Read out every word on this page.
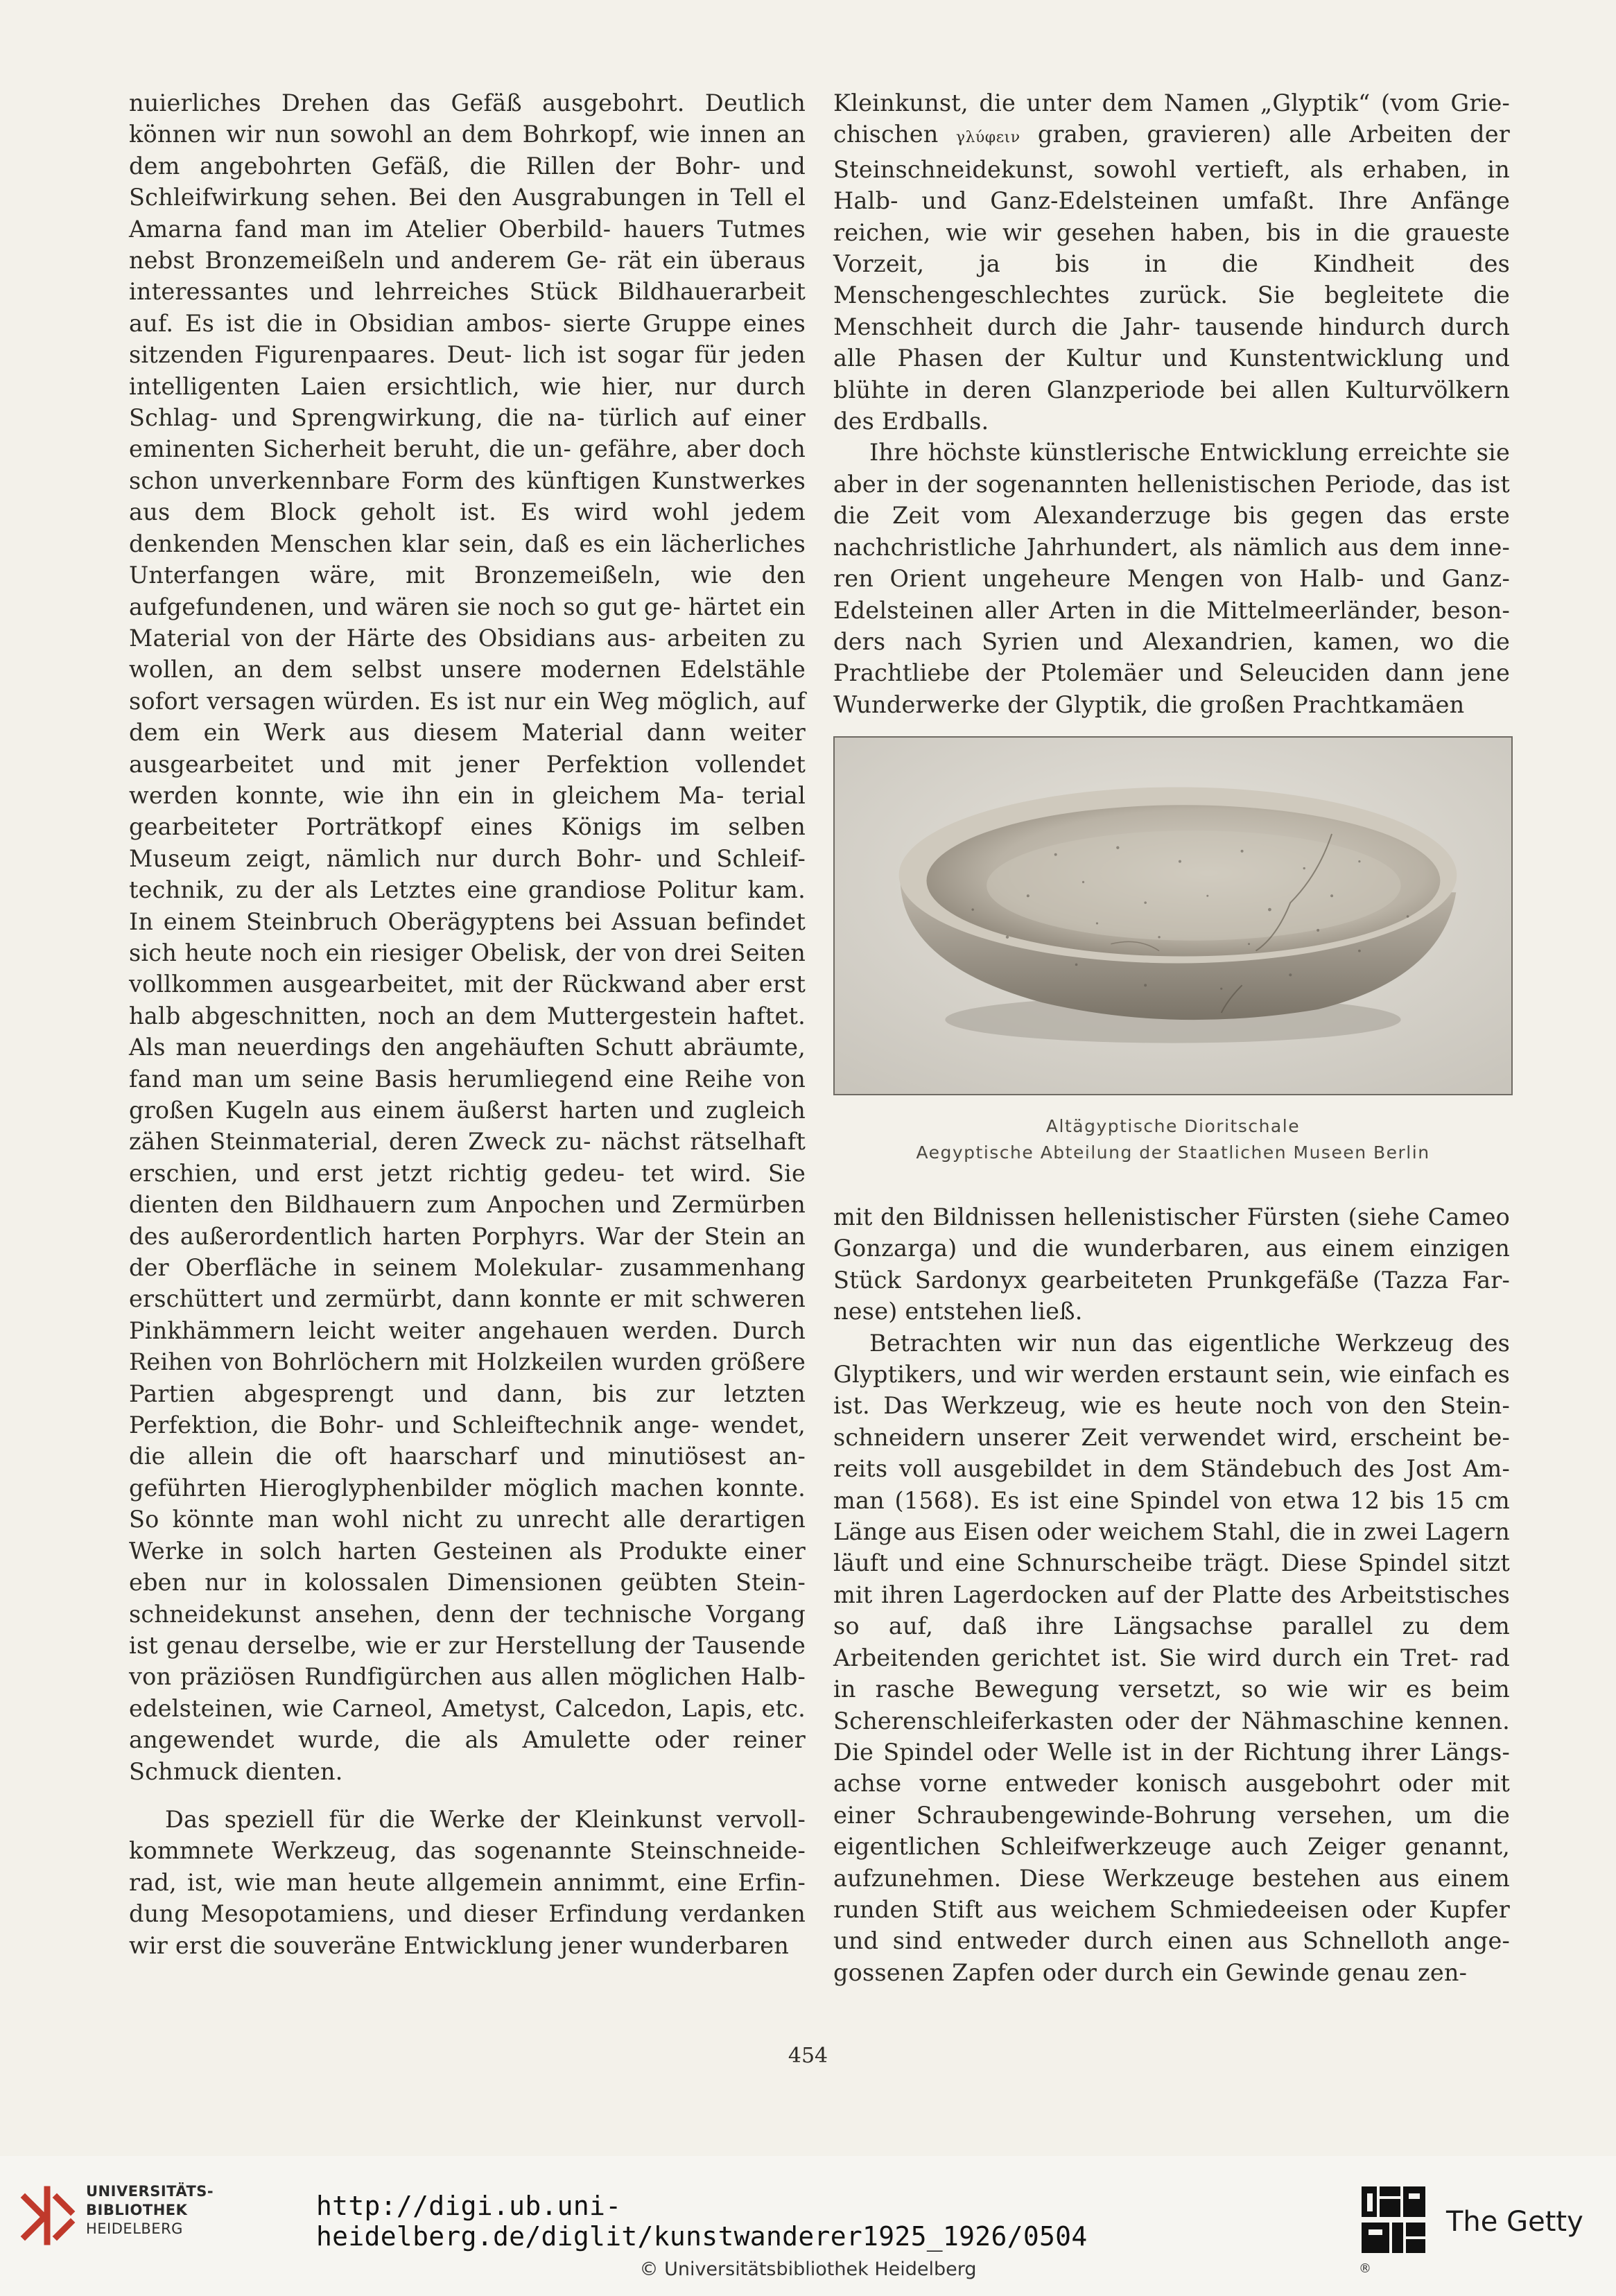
nuierliches Drehen das Gefäß ausgebohrt. Deutlich können wir nun sowohl an dem Bohrkopf, wie innen an dem angebohrten Gefäß, die Rillen der Bohr- und Schleifwirkung sehen. Bei den Ausgrabungen in Tell el Amarna fand man im Atelier Oberbild- hauers Tutmes nebst Bronzemeißeln und anderem Ge- rät ein überaus interessantes und lehrreiches Stück Bildhauerarbeit auf. Es ist die in Obsidian ambos- sierte Gruppe eines sitzenden Figurenpaares. Deut- lich ist sogar für jeden intelligenten Laien ersichtlich, wie hier, nur durch Schlag- und Sprengwirkung, die na- türlich auf einer eminenten Sicherheit beruht, die un- gefähre, aber doch schon unverkennbare Form des künftigen Kunstwerkes aus dem Block geholt ist. Es wird wohl jedem denkenden Menschen klar sein, daß es ein lächerliches Unterfangen wäre, mit Bronzemeißeln, wie den aufgefundenen, und wären sie noch so gut ge- härtet ein Material von der Härte des Obsidians aus- arbeiten zu wollen, an dem selbst unsere modernen Edelstähle sofort versagen würden. Es ist nur ein Weg möglich, auf dem ein Werk aus diesem Material dann weiter ausgearbeitet und mit jener Perfektion vollendet werden konnte, wie ihn ein in gleichem Ma- terial gearbeiteter Porträtkopf eines Königs im selben Museum zeigt, nämlich nur durch Bohr- und Schleif- technik, zu der als Letztes eine grandiose Politur kam. In einem Steinbruch Oberägyptens bei Assuan befindet sich heute noch ein riesiger Obelisk, der von drei Seiten vollkommen ausgearbeitet, mit der Rückwand aber erst halb abgeschnitten, noch an dem Muttergestein haftet. Als man neuerdings den angehäuften Schutt abräumte, fand man um seine Basis herumliegend eine Reihe von großen Kugeln aus einem äußerst harten und zugleich zähen Steinmaterial, deren Zweck zu- nächst rätselhaft erschien, und erst jetzt richtig gedeu- tet wird. Sie dienten den Bildhauern zum Anpochen und Zermürben des außerordentlich harten Porphyrs. War der Stein an der Oberfläche in seinem Molekular- zusammenhang erschüttert und zermürbt, dann konnte er mit schweren Pinkhämmern leicht weiter angehauen werden. Durch Reihen von Bohrlöchern mit Holzkeilen wurden größere Partien abgesprengt und dann, bis zur letzten Perfektion, die Bohr- und Schleiftechnik ange- wendet, die allein die oft haarscharf und minutiösest an- geführten Hieroglyphenbilder möglich machen konnte. So könnte man wohl nicht zu unrecht alle derartigen Werke in solch harten Gesteinen als Produkte einer eben nur in kolossalen Dimensionen geübten Stein- schneidekunst ansehen, denn der technische Vorgang ist genau derselbe, wie er zur Herstellung der Tausende von präziösen Rundfigürchen aus allen möglichen Halb- edelsteinen, wie Carneol, Ametyst, Calcedon, Lapis, etc. angewendet wurde, die als Amulette oder reiner Schmuck dienten.

Das speziell für die Werke der Kleinkunst vervoll- kommnete Werkzeug, das sogenannte Steinschneide- rad, ist, wie man heute allgemein annimmt, eine Erfin- dung Mesopotamiens, und dieser Erfindung verdanken wir erst die souveräne Entwicklung jener wunderbaren

Kleinkunst, die unter dem Namen „Glyptik“ (vom Grie- chischen γλύφειν graben, gravieren) alle Arbeiten der Steinschneidekunst, sowohl vertieft, als erhaben, in Halb- und Ganz-Edelsteinen umfaßt. Ihre Anfänge reichen, wie wir gesehen haben, bis in die graueste Vorzeit, ja bis in die Kindheit des Menschengeschlechtes zurück. Sie begleitete die Menschheit durch die Jahr- tausende hindurch durch alle Phasen der Kultur und Kunstentwicklung und blühte in deren Glanzperiode bei allen Kulturvölkern des Erdballs.

Ihre höchste künstlerische Entwicklung erreichte sie aber in der sogenannten hellenistischen Periode, das ist die Zeit vom Alexanderzuge bis gegen das erste nachchristliche Jahrhundert, als nämlich aus dem inne- ren Orient ungeheure Mengen von Halb- und Ganz- Edelsteinen aller Arten in die Mittelmeerländer, beson- ders nach Syrien und Alexandrien, kamen, wo die Prachtliebe der Ptolemäer und Seleuciden dann jene Wunderwerke der Glyptik, die großen Prachtkamäen

Altägyptische Dioritschale
Aegyptische Abteilung der Staatlichen Museen Berlin

mit den Bildnissen hellenistischer Fürsten (siehe Cameo Gonzarga) und die wunderbaren, aus einem einzigen Stück Sardonyx gearbeiteten Prunkgefäße (Tazza Far- nese) entstehen ließ.

Betrachten wir nun das eigentliche Werkzeug des Glyptikers, und wir werden erstaunt sein, wie einfach es ist. Das Werkzeug, wie es heute noch von den Stein- schneidern unserer Zeit verwendet wird, erscheint be- reits voll ausgebildet in dem Ständebuch des Jost Am- man (1568). Es ist eine Spindel von etwa 12 bis 15 cm Länge aus Eisen oder weichem Stahl, die in zwei Lagern läuft und eine Schnurscheibe trägt. Diese Spindel sitzt mit ihren Lagerdocken auf der Platte des Arbeitstisches so auf, daß ihre Längsachse parallel zu dem Arbeitenden gerichtet ist. Sie wird durch ein Tret- rad in rasche Bewegung versetzt, so wie wir es beim Scherenschleiferkasten oder der Nähmaschine kennen. Die Spindel oder Welle ist in der Richtung ihrer Längs- achse vorne entweder konisch ausgebohrt oder mit einer Schraubengewinde-Bohrung versehen, um die eigentlichen Schleifwerkzeuge auch Zeiger genannt, aufzunehmen. Diese Werkzeuge bestehen aus einem runden Stift aus weichem Schmiedeeisen oder Kupfer und sind entweder durch einen aus Schnelloth ange- gossenen Zapfen oder durch ein Gewinde genau zen-

454
UNIVERSITÄTS-
BIBLIOTHEK
HEIDELBERG
http://digi.ub.uni-heidelberg.de/diglit/kunstwanderer1925_1926/0504
© Universitätsbibliothek Heidelberg	®
The Getty
